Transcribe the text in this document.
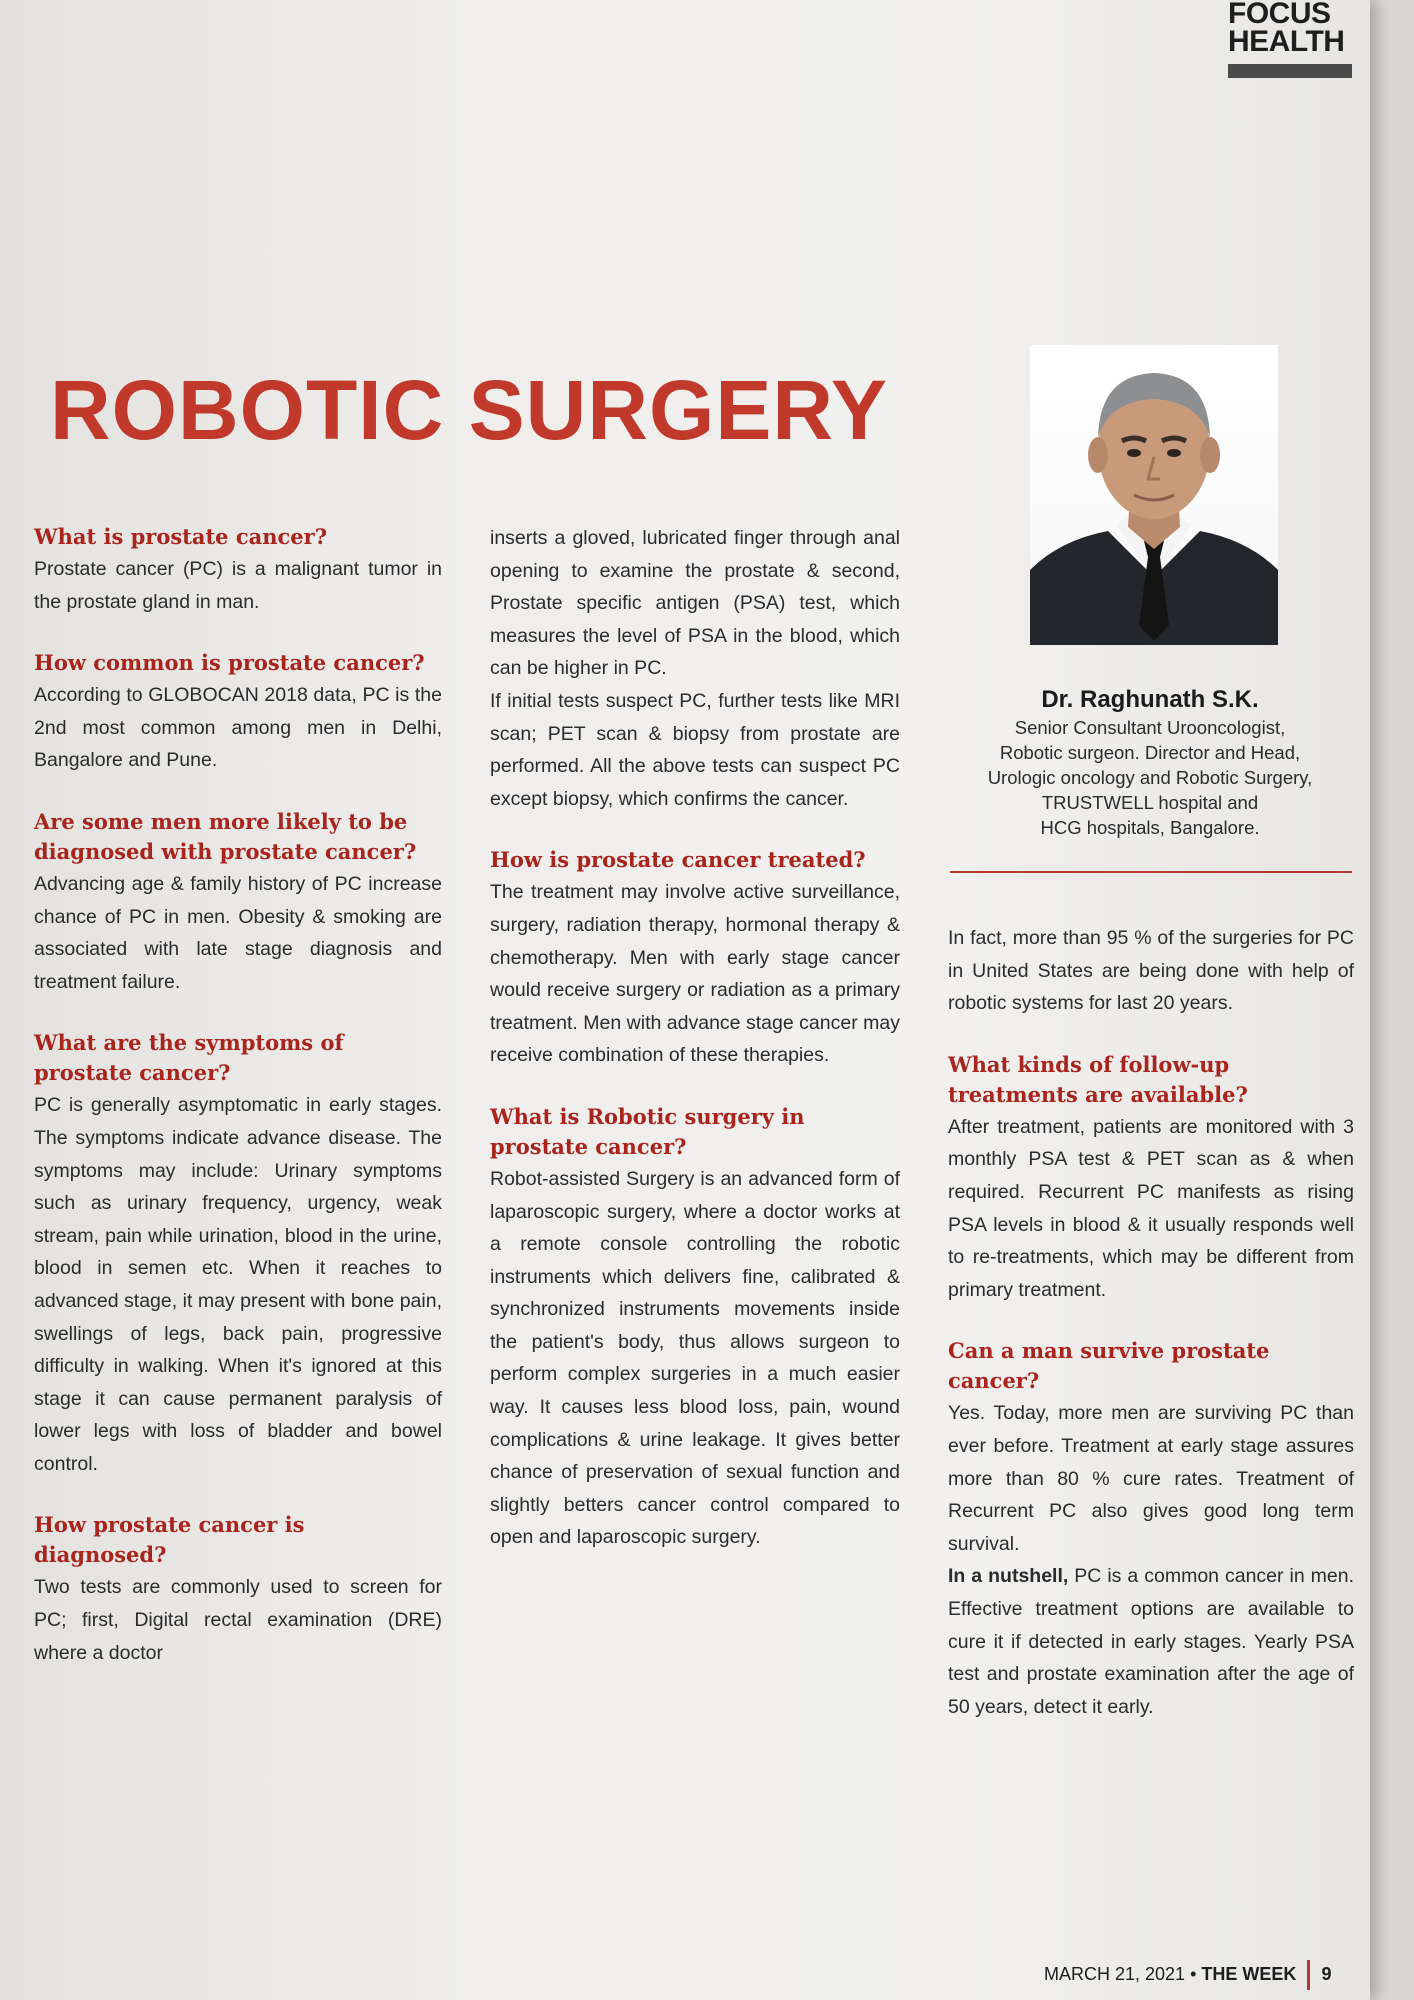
FOCUS
HEALTH
ROBOTIC SURGERY
What is prostate cancer?

Prostate cancer (PC) is a malignant tumor in the prostate gland in man.

How common is prostate cancer?

According to GLOBOCAN 2018 data, PC is the 2nd most common among men in Delhi, Bangalore and Pune.

Are some men more likely to be diagnosed with prostate cancer?

Advancing age & family history of PC increase chance of PC in men. Obesity & smoking are associated with late stage diagnosis and treatment failure.

What are the symptoms of prostate cancer?

PC is generally asymptomatic in early stages. The symptoms indicate advance disease. The symptoms may include: Urinary symptoms such as urinary frequency, urgency, weak stream, pain while urination, blood in the urine, blood in semen etc. When it reaches to advanced stage, it may present with bone pain, swellings of legs, back pain, progressive difficulty in walking. When it's ignored at this stage it can cause permanent paralysis of lower legs with loss of bladder and bowel control.

How prostate cancer is diagnosed?

Two tests are commonly used to screen for PC; first, Digital rectal examination (DRE) where a doctor

inserts a gloved, lubricated finger through anal opening to examine the prostate & second, Prostate specific antigen (PSA) test, which measures the level of PSA in the blood, which can be higher in PC.

If initial tests suspect PC, further tests like MRI scan; PET scan & biopsy from prostate are performed. All the above tests can suspect PC except biopsy, which confirms the cancer.

How is prostate cancer treated?

The treatment may involve active surveillance, surgery, radiation therapy, hormonal therapy & chemotherapy. Men with early stage cancer would receive surgery or radiation as a primary treatment. Men with advance stage cancer may receive combination of these therapies.

What is Robotic surgery in prostate cancer?

Robot-assisted Surgery is an advanced form of laparoscopic surgery, where a doctor works at a remote console controlling the robotic instruments which delivers fine, calibrated & synchronized instruments movements inside the patient's body, thus allows surgeon to perform complex surgeries in a much easier way. It causes less blood loss, pain, wound complications & urine leakage. It gives better chance of preservation of sexual function and slightly betters cancer control compared to open and laparoscopic surgery.

Dr. Raghunath S.K.
Senior Consultant Urooncologist,
Robotic surgeon. Director and Head,
Urologic oncology and Robotic Surgery,
TRUSTWELL hospital and
HCG hospitals, Bangalore.

In fact, more than 95 % of the surgeries for PC in United States are being done with help of robotic systems for last 20 years.

What kinds of follow-up treatments are available?

After treatment, patients are monitored with 3 monthly PSA test & PET scan as & when required. Recurrent PC manifests as rising PSA levels in blood & it usually responds well to re-treatments, which may be different from primary treatment.

Can a man survive prostate cancer?

Yes. Today, more men are surviving PC than ever before. Treatment at early stage assures more than 80 % cure rates. Treatment of Recurrent PC also gives good long term survival.

In a nutshell, PC is a common cancer in men. Effective treatment options are available to cure it if detected in early stages. Yearly PSA test and prostate examination after the age of 50 years, detect it early.

MARCH 21, 2021 • THE WEEK 9
